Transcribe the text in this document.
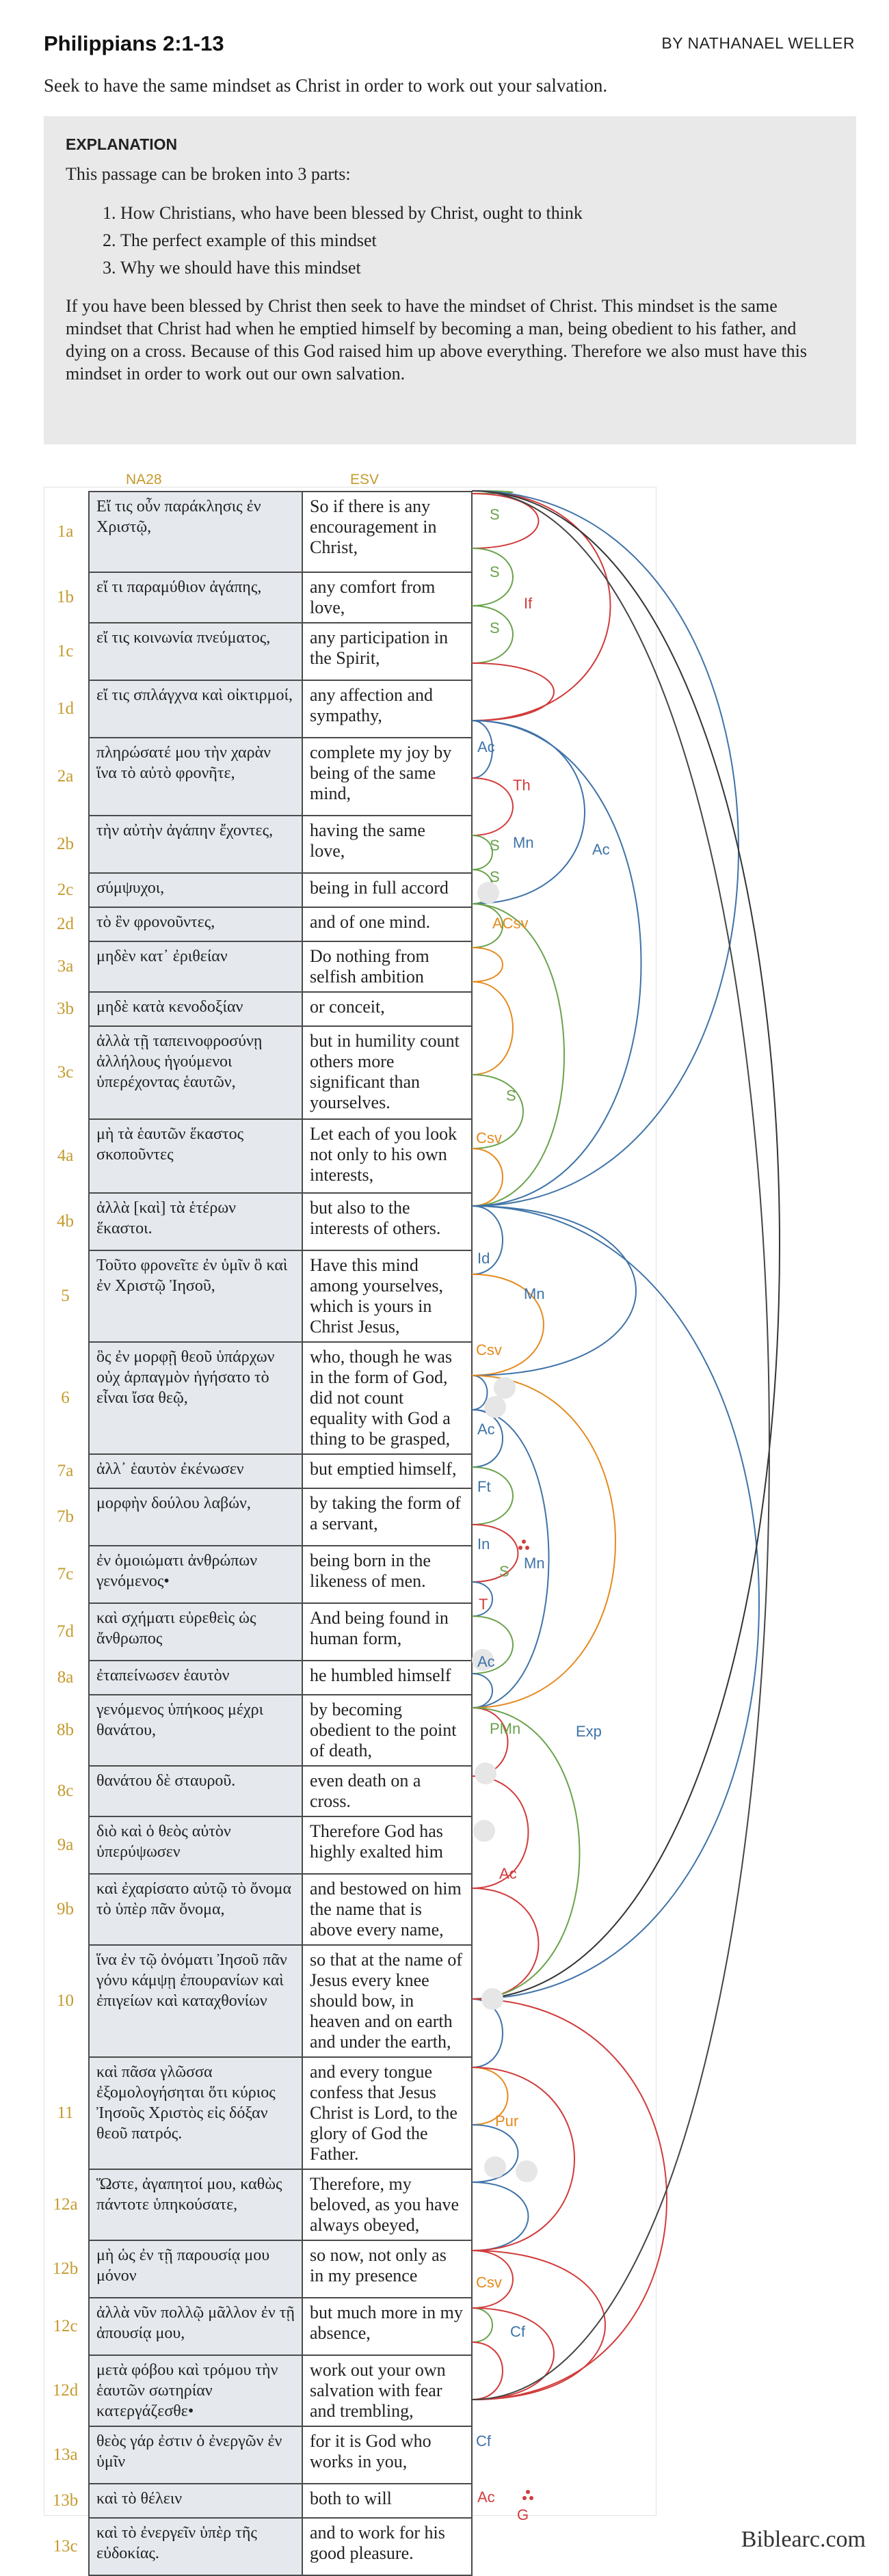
Philippians 2:1-13	BY NATHANAEL WELLER
Seek to have the same mindset as Christ in order to work out your salvation.
EXPLANATION
This passage can be broken into 3 parts:
1. How Christians, who have been blessed by Christ, ought to think
2. The perfect example of this mindset
3. Why we should have this mindset
If you have been blessed by Christ then seek to have the mindset of Christ. This mindset is the same mindset that Christ had when he emptied himself by becoming a man, being obedient to his father, and dying on a cross. Because of this God raised him up above everything. Therefore we also must have this mindset in order to work out our own salvation.
NA28	ESV
1a	Εἴ τις οὖν παράκλησις ἐν Χριστῷ,	So if there is any encouragement in Christ,
1b	εἴ τι παραμύθιον ἀγάπης,	any comfort from love,
1c	εἴ τις κοινωνία πνεύματος,	any participation in the Spirit,
1d	εἴ τις σπλάγχνα καὶ οἰκτιρμοί,	any affection and sympathy,
2a	πληρώσατέ μου τὴν χαρὰν ἵνα τὸ αὐτὸ φρονῆτε,	complete my joy by being of the same mind,
2b	τὴν αὐτὴν ἀγάπην ἔχοντες,	having the same love,
2c	σύμψυχοι,	being in full accord
2d	τὸ ἓν φρονοῦντες,	and of one mind.
3a	μηδὲν κατ᾽ ἐριθείαν	Do nothing from selfish ambition
3b	μηδὲ κατὰ κενοδοξίαν	or conceit,
3c	ἀλλὰ τῇ ταπεινοφροσύνῃ ἀλλήλους ἡγούμενοι ὑπερέχοντας ἑαυτῶν,	but in humility count others more significant than yourselves.
4a	μὴ τὰ ἑαυτῶν ἕκαστος σκοποῦντες	Let each of you look not only to his own interests,
4b	ἀλλὰ [καὶ] τὰ ἑτέρων ἕκαστοι.	but also to the interests of others.
5	Τοῦτο φρονεῖτε ἐν ὑμῖν ὃ καὶ ἐν Χριστῷ Ἰησοῦ,	Have this mind among yourselves, which is yours in Christ Jesus,
6	ὃς ἐν μορφῇ θεοῦ ὑπάρχων οὐχ ἁρπαγμὸν ἡγήσατο τὸ εἶναι ἴσα θεῷ,	who, though he was in the form of God, did not count equality with God a thing to be grasped,
7a	ἀλλ᾽ ἑαυτὸν ἐκένωσεν	but emptied himself,
7b	μορφὴν δούλου λαβών,	by taking the form of a servant,
7c	ἐν ὁμοιώματι ἀνθρώπων γενόμενος•	being born in the likeness of men.
7d	καὶ σχήματι εὑρεθεὶς ὡς ἄνθρωπος	And being found in human form,
8a	ἐταπείνωσεν ἑαυτὸν	he humbled himself
8b	γενόμενος ὑπήκοος μέχρι θανάτου,	by becoming obedient to the point of death,
8c	θανάτου δὲ σταυροῦ.	even death on a cross.
9a	διὸ καὶ ὁ θεὸς αὐτὸν ὑπερύψωσεν	Therefore God has highly exalted him
9b	καὶ ἐχαρίσατο αὐτῷ τὸ ὄνομα τὸ ὑπὲρ πᾶν ὄνομα,	and bestowed on him the name that is above every name,
10	ἵνα ἐν τῷ ὀνόματι Ἰησοῦ πᾶν γόνυ κάμψῃ ἐπουρανίων καὶ ἐπιγείων καὶ καταχθονίων	so that at the name of Jesus every knee should bow, in heaven and on earth and under the earth,
11	καὶ πᾶσα γλῶσσα ἐξομολογήσηται ὅτι κύριος Ἰησοῦς Χριστὸς εἰς δόξαν θεοῦ πατρός.	and every tongue confess that Jesus Christ is Lord, to the glory of God the Father.
12a	Ὥστε, ἀγαπητοί μου, καθὼς πάντοτε ὑπηκούσατε,	Therefore, my beloved, as you have always obeyed,
12b	μὴ ὡς ἐν τῇ παρουσίᾳ μου μόνον	so now, not only as in my presence
12c	ἀλλὰ νῦν πολλῷ μᾶλλον ἐν τῇ ἀπουσίᾳ μου,	but much more in my absence,
12d	μετὰ φόβου καὶ τρόμου τὴν ἑαυτῶν σωτηρίαν κατεργάζεσθε•	work out your own salvation with fear and trembling,
13a	θεὸς γάρ ἐστιν ὁ ἐνεργῶν ἐν ὑμῖν	for it is God who works in you,
13b	καὶ τὸ θέλειν	both to will
13c	καὶ τὸ ἐνεργεῖν ὑπὲρ τῆς εὐδοκίας.	and to work for his good pleasure.
If
S
S
S
Ac
Th
Mn	Ac
S
S
ACsv
S
Csv
Id
Mn
Csv
Ac
Ft
In
Mn
S
T
Ac
PMn	Exp
Ac
Pur
Csv
Cf
Cf
Ac
G
Biblearc.com
